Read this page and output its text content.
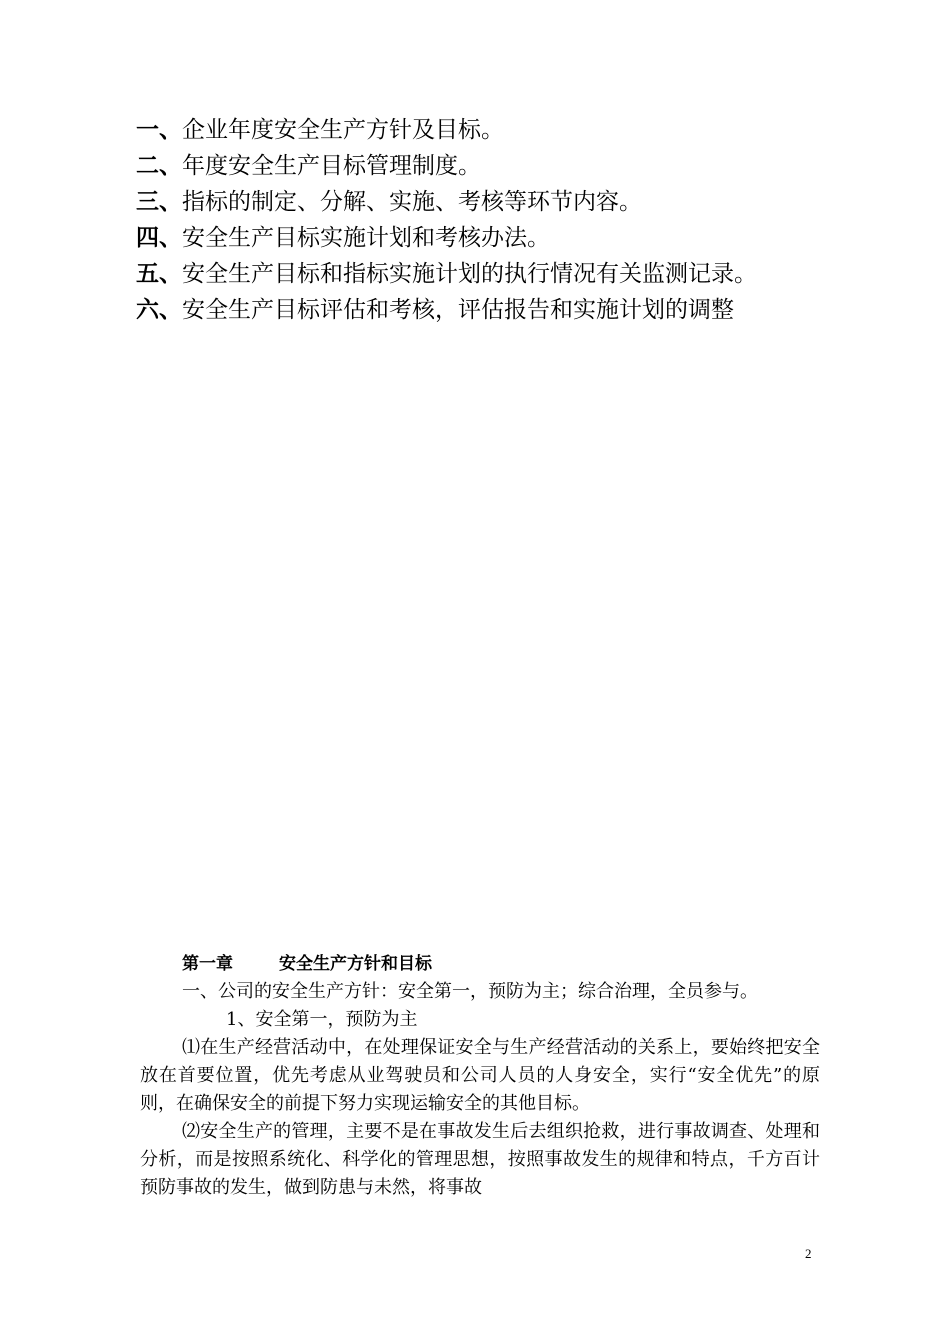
一、企业年度安全生产方针及目标。
二、年度安全生产目标管理制度。
三、指标的制定、分解、实施、考核等环节内容。
四、安全生产目标实施计划和考核办法。
五、安全生产目标和指标实施计划的执行情况有关监测记录。
六、安全生产目标评估和考核，评估报告和实施计划的调整
第一章	安全生产方针和目标

一、公司的安全生产方针：安全第一，预防为主；综合治理，全员参与。

1、安全第一，预防为主

⑴在生产经营活动中，在处理保证安全与生产经营活动的关系上，要始终把安全放在首要位置，优先考虑从业驾驶员和公司人员的人身安全，实行“安全优先”的原则，在确保安全的前提下努力实现运输安全的其他目标。

⑵安全生产的管理，主要不是在事故发生后去组织抢救，进行事故调查、处理和分析，而是按照系统化、科学化的管理思想，按照事故发生的规律和特点，千方百计预防事故的发生，做到防患与未然，将事故

2
